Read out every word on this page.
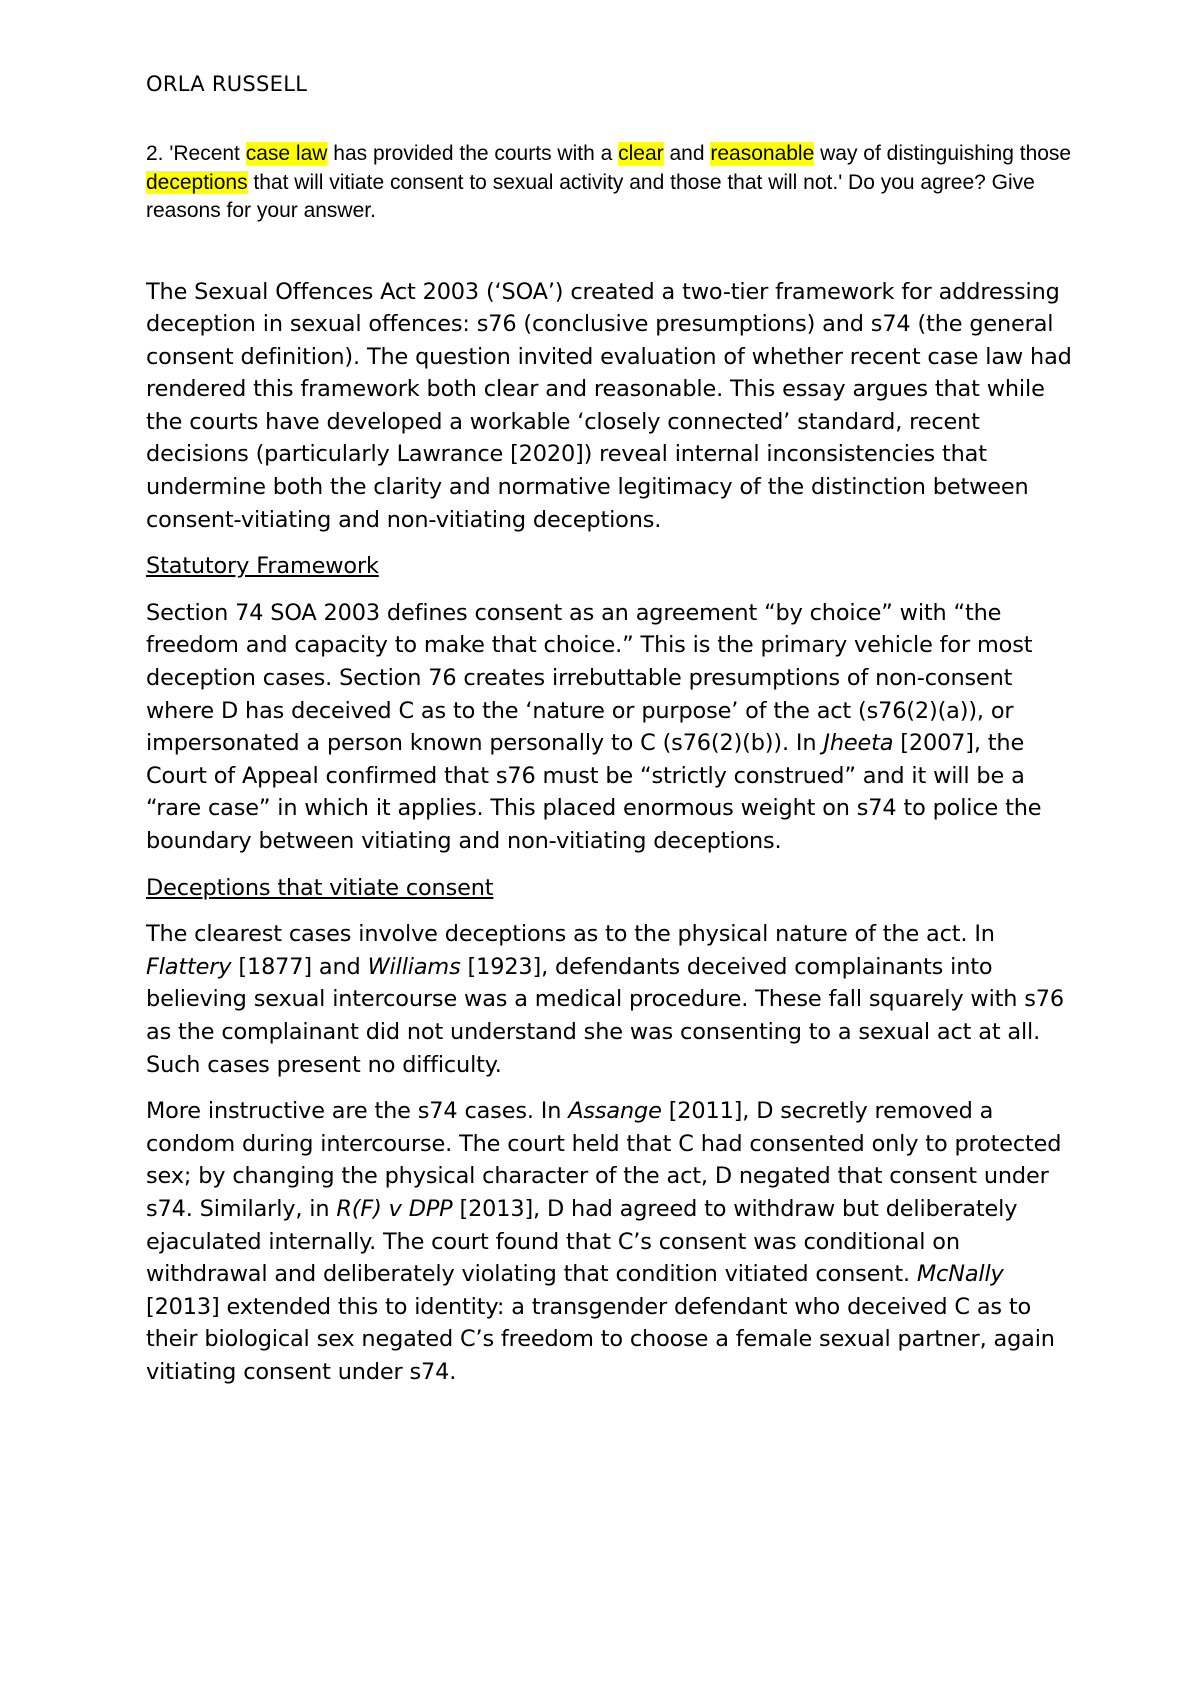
ORLA RUSSELL
2. 'Recent case law has provided the courts with a clear and reasonable way of distinguishing those deceptions that will vitiate consent to sexual activity and those that will not.' Do you agree? Give reasons for your answer.

The Sexual Offences Act 2003 (‘SOA’) created a two-tier framework for addressing deception in sexual offences: s76 (conclusive presumptions) and s74 (the general consent definition). The question invited evaluation of whether recent case law had rendered this framework both clear and reasonable. This essay argues that while the courts have developed a workable ‘closely connected’ standard, recent decisions (particularly Lawrance [2020]) reveal internal inconsistencies that undermine both the clarity and normative legitimacy of the distinction between consent-vitiating and non-vitiating deceptions.

Statutory Framework

Section 74 SOA 2003 defines consent as an agreement “by choice” with “the freedom and capacity to make that choice.” This is the primary vehicle for most deception cases. Section 76 creates irrebuttable presumptions of non-consent where D has deceived C as to the ‘nature or purpose’ of the act (s76(2)(a)), or impersonated a person known personally to C (s76(2)(b)). In Jheeta [2007], the Court of Appeal confirmed that s76 must be “strictly construed” and it will be a “rare case” in which it applies. This placed enormous weight on s74 to police the boundary between vitiating and non-vitiating deceptions.

Deceptions that vitiate consent

The clearest cases involve deceptions as to the physical nature of the act. In Flattery [1877] and Williams [1923], defendants deceived complainants into believing sexual intercourse was a medical procedure. These fall squarely with s76 as the complainant did not understand she was consenting to a sexual act at all. Such cases present no difficulty.

More instructive are the s74 cases. In Assange [2011], D secretly removed a condom during intercourse. The court held that C had consented only to protected sex; by changing the physical character of the act, D negated that consent under s74. Similarly, in R(F) v DPP [2013], D had agreed to withdraw but deliberately ejaculated internally. The court found that C’s consent was conditional on withdrawal and deliberately violating that condition vitiated consent. McNally [2013] extended this to identity: a transgender defendant who deceived C as to their biological sex negated C’s freedom to choose a female sexual partner, again vitiating consent under s74.
